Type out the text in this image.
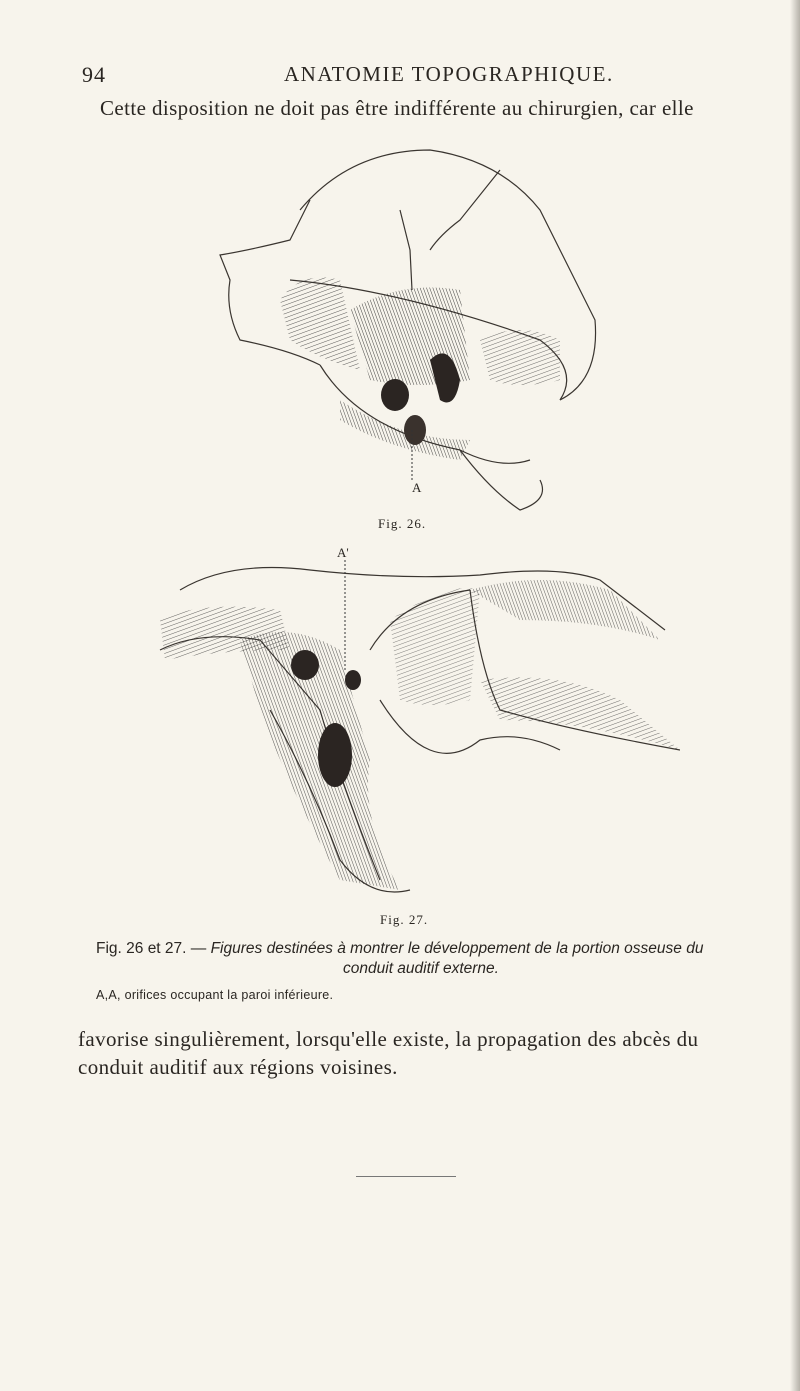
94	ANATOMIE TOPOGRAPHIQUE.
Cette disposition ne doit pas être indifférente au chirurgien, car elle
A
Fig. 26.
A'
Fig. 27.
Fig. 26 et 27. — Figures destinées à montrer le développement de la portion osseuse du
conduit auditif externe.
A,A, orifices occupant la paroi inférieure.
favorise singulièrement, lorsqu'elle existe, la propagation des abcès du conduit auditif aux régions voisines.
